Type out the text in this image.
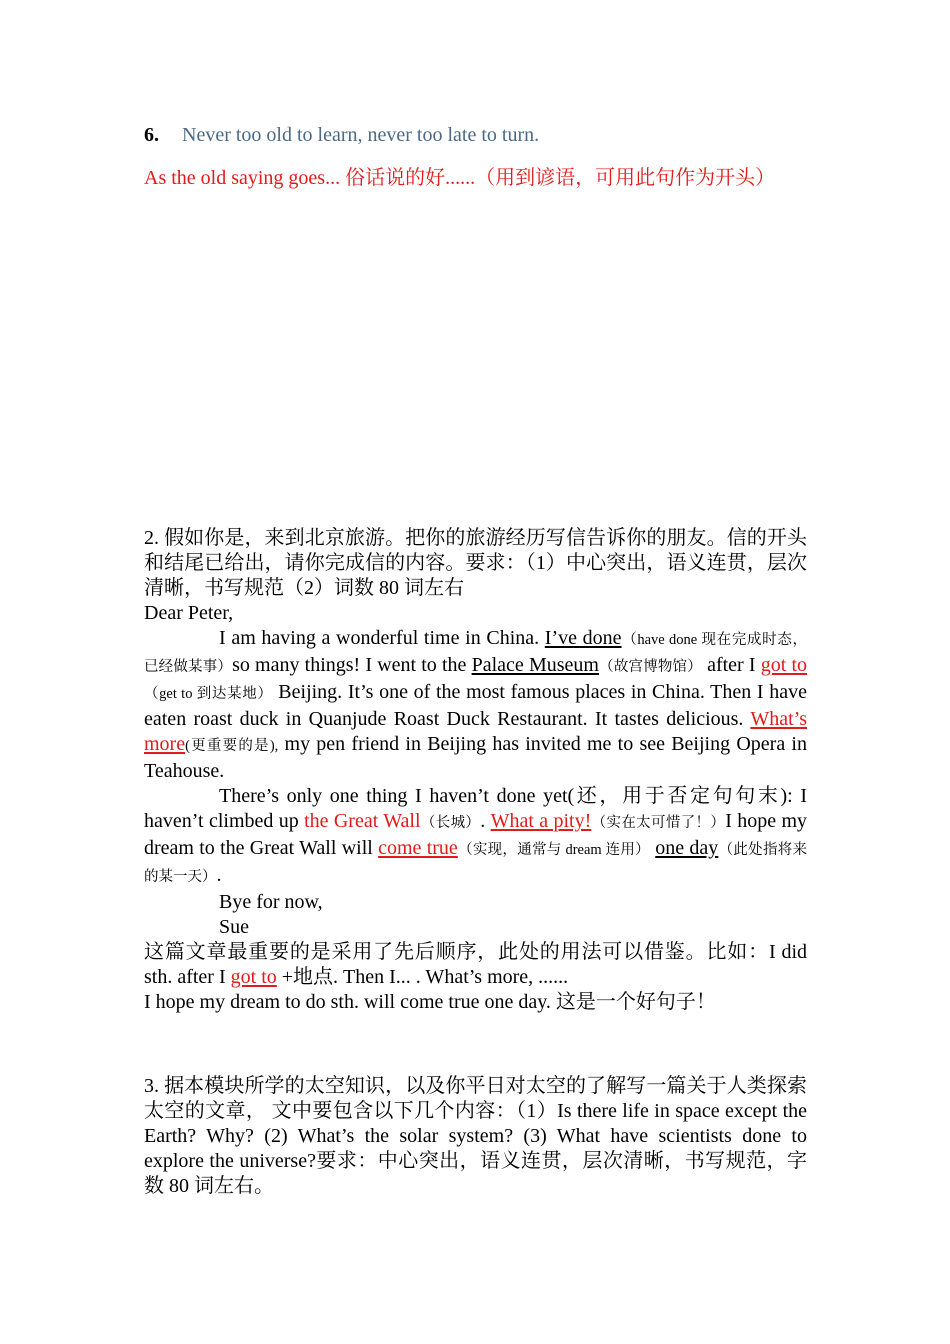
6. Never too old to learn, never too late to turn.
As the old saying goes... 俗话说的好......（用到谚语，可用此句作为开头）
2. 假如你是，来到北京旅游。把你的旅游经历写信告诉你的朋友。信的开头和结尾已给出，请你完成信的内容。要求：（1）中心突出，语义连贯，层次清晰，书写规范（2）词数 80 词左右
Dear Peter,
I am having a wonderful time in China. I’ve done（have done 现在完成时态，已经做某事）so many things! I went to the Palace Museum（故宫博物馆） after I got to（get to 到达某地） Beijing. It’s one of the most famous places in China. Then I have eaten roast duck in Quanjude Roast Duck Restaurant. It tastes delicious. What’s more(更重要的是), my pen friend in Beijing has invited me to see Beijing Opera in Teahouse.
There’s only one thing I haven’t done yet(还，用于否定句句末): I haven’t climbed up the Great Wall（长城）. What a pity!（实在太可惜了！）I hope my dream to the Great Wall will come true（实现，通常与 dream 连用） one day（此处指将来的某一天）.
Bye for now,
Sue
这篇文章最重要的是采用了先后顺序，此处的用法可以借鉴。比如：I did sth. after I got to +地点. Then I... . What’s more, ......
I hope my dream to do sth. will come true one day. 这是一个好句子！
3. 据本模块所学的太空知识，以及你平日对太空的了解写一篇关于人类探索太空的文章， 文中要包含以下几个内容：（1）Is there life in space except the Earth? Why? (2) What’s the solar system? (3) What have scientists done to explore the universe?要求：中心突出，语义连贯，层次清晰，书写规范，字数 80 词左右。
